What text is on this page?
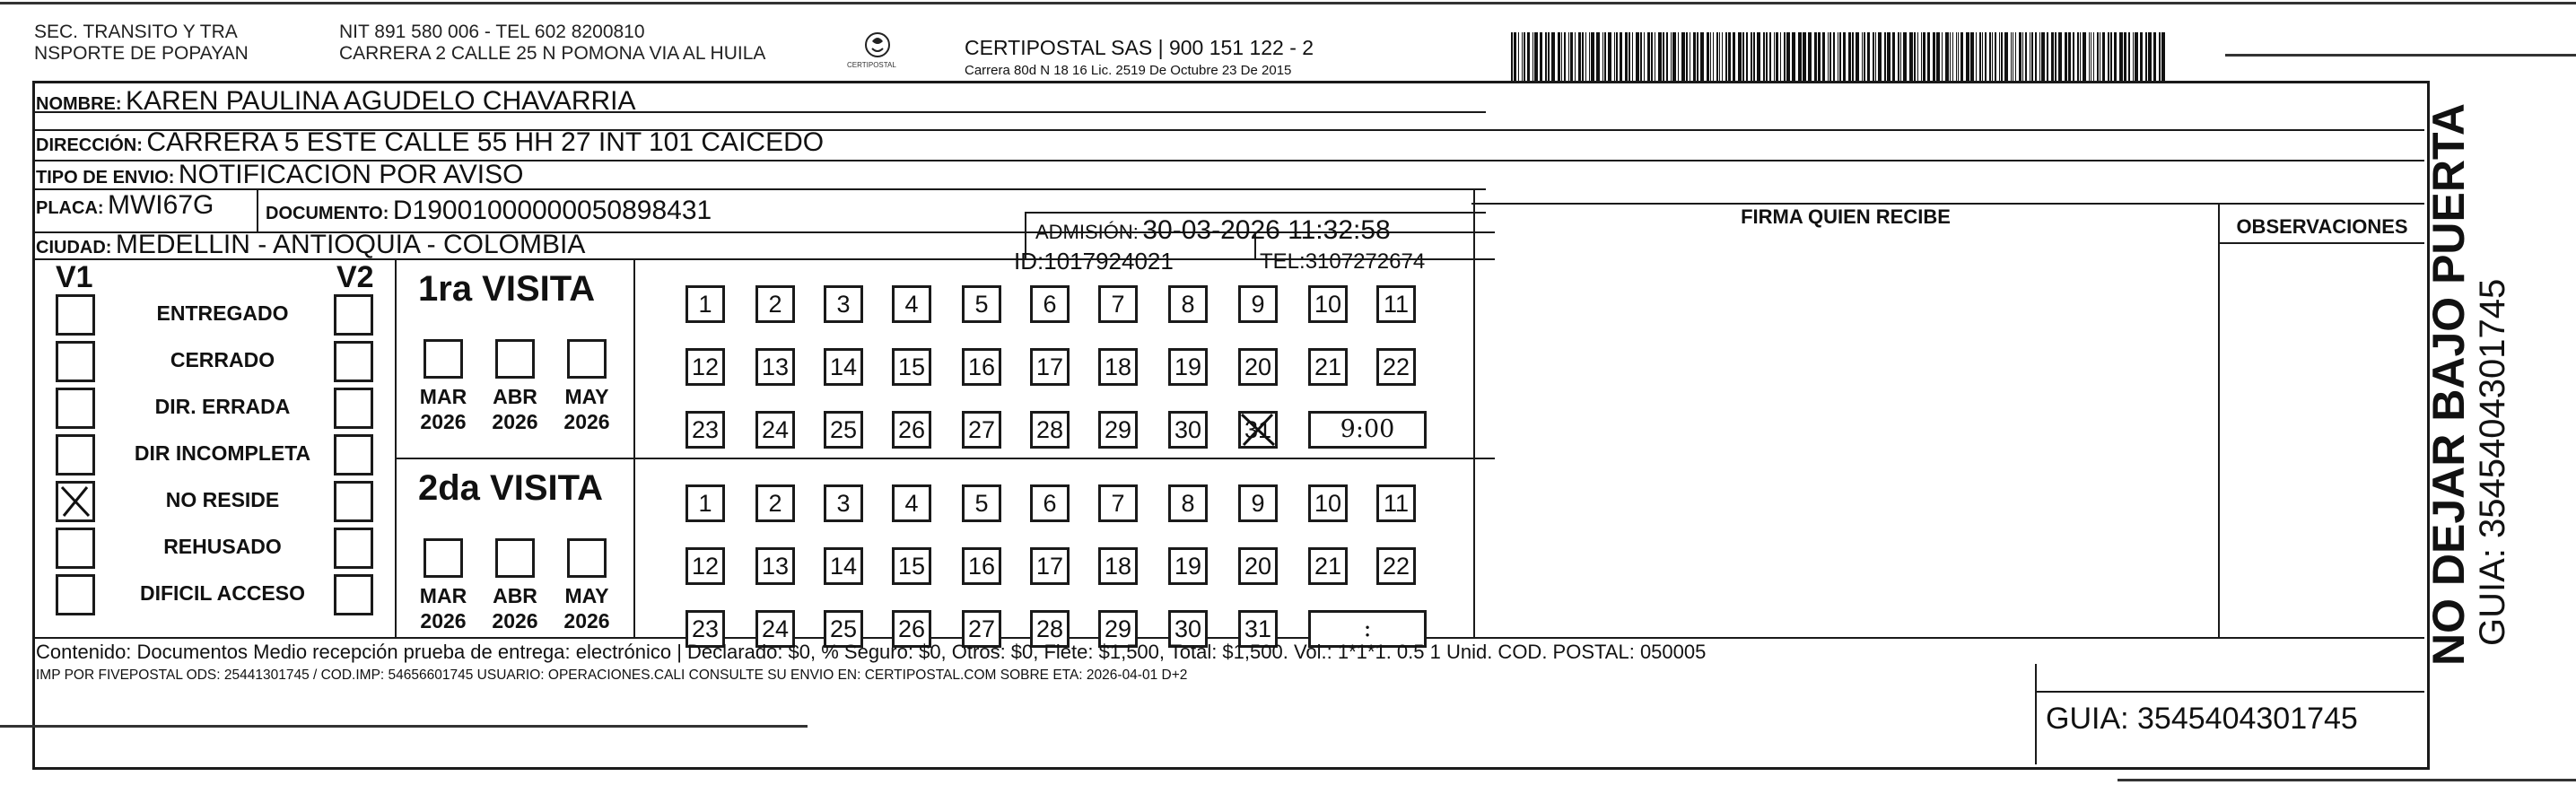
SEC. TRANSITO Y TRA
NSPORTE DE POPAYAN
NIT 891 580 006 - TEL 602 8200810
CARRERA 2 CALLE 25 N POMONA VIA AL HUILA
CERTIPOSTAL
CERTIPOSTAL SAS | 900 151 122 - 2
Carrera 80d N 18 16 Lic. 2519 De Octubre 23 De 2015
NOMBRE: KAREN PAULINA AGUDELO CHAVARRIA
DIRECCIÓN: CARRERA 5 ESTE CALLE 55 HH 27 INT 101 CAICEDO
TIPO DE ENVIO: NOTIFICACION POR AVISO
PLACA: MWI67G	DOCUMENTO: D19001000000050898431
ADMISIÓN: 30-03-2026 11:32:58
CIUDAD: MEDELLIN - ANTIOQUIA - COLOMBIA
ID:1017924021	TEL:3107272674
FIRMA QUIEN RECIBE	OBSERVACIONES
V1	V2
ENTREGADO
CERRADO
DIR. ERRADA
DIR INCOMPLETA
NO RESIDE
REHUSADO
DIFICIL ACCESO
1ra VISITA
MAR
2026
ABR
2026
MAY
2026
1	2	3	4	5	6	7	8	9	10 11
12 13 14 15 16 17 18 19 20 21 22
23 24 25 26 27 28 29 30 31	9:00
2da VISITA
MAR
2026
ABR
2026
MAY
2026
1	2	3	4	5	6	7	8	9	10 11
12 13 14 15 16 17 18 19 20 21 22
23 24 25 26 27 28 29 30 31	:
Contenido: Documentos Medio recepción prueba de entrega: electrónico | Declarado: $0, % Seguro: $0, Otros: $0, Flete: $1,500, Total: $1,500. Vol.: 1*1*1. 0.5 1 Unid. COD. POSTAL: 050005
IMP POR FIVEPOSTAL ODS: 25441301745 / COD.IMP: 54656601745 USUARIO: OPERACIONES.CALI CONSULTE SU ENVIO EN: CERTIPOSTAL.COM SOBRE ETA: 2026-04-01 D+2
GUIA: 3545404301745
NO DEJAR BAJO PUERTA GUIA: 3545404301745
